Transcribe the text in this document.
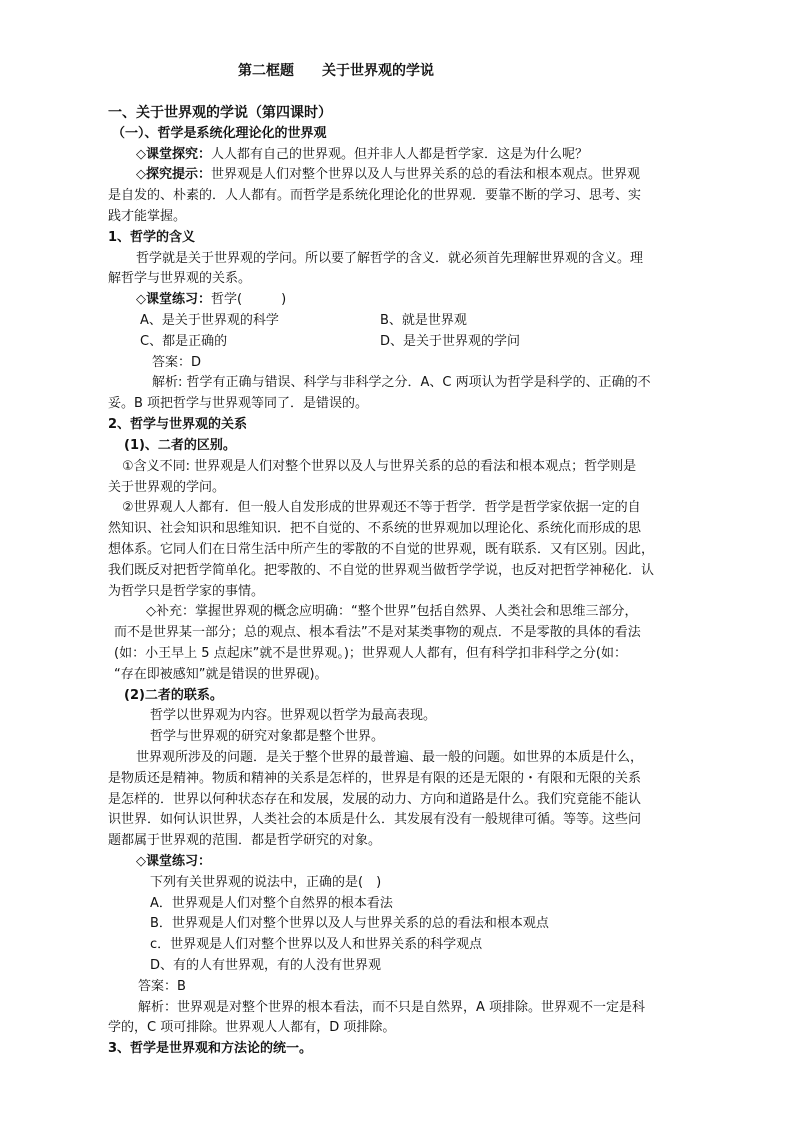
第二框题　　关于世界观的学说
一、关于世界观的学说（第四课时）
（一）、哲学是系统化理论化的世界观
◇课堂探究：人人都有自己的世界观。但并非人人都是哲学家．这是为什么呢？
◇探究提示：世界观是人们对整个世界以及人与世界关系的总的看法和根本观点。世界观
是自发的、朴素的．人人都有。而哲学是系统化理论化的世界观．要靠不断的学习、思考、实
践才能掌握。
1、哲学的含义
哲学就是关于世界观的学问。所以要了解哲学的含义．就必须首先理解世界观的含义。理
解哲学与世界观的关系。
◇课堂练习：哲学(　　　)
A、是关于世界观的科学	B、就是世界观
C、都是正确的	D、是关于世界观的学问
答案：D
解析: 哲学有正确与错误、科学与非科学之分．A、C 两项认为哲学是科学的、正确的不
妥。B 项把哲学与世界观等同了．是错误的。
2、哲学与世界观的关系
(1)、二者的区别。
①含义不同: 世界观是人们对整个世界以及人与世界关系的总的看法和根本观点；哲学则是
关于世界观的学问。
②世界观人人都有．但一般人自发形成的世界观还不等于哲学．哲学是哲学家依据一定的自
然知识、社会知识和思维知识．把不自觉的、不系统的世界观加以理论化、系统化而形成的思
想体系。它同人们在日常生活中所产生的零散的不自觉的世界观，既有联系．又有区别。因此，
我们既反对把哲学简单化。把零散的、不自觉的世界观当做哲学学说，也反对把哲学神秘化．认
为哲学只是哲学家的事情。
◇补充：掌握世界观的概念应明确：“整个世界”包括自然界、人类社会和思维三部分，
而不是世界某一部分；总的观点、根本看法”不是对某类事物的观点．不是零散的具体的看法
(如：小王早上 5 点起床”就不是世界观。)；世界观人人都有，但有科学扣非科学之分(如：
“存在即被感知”就是错误的世界砚)。
(2)二者的联系。
哲学以世界观为内容。世界观以哲学为最高表现。
哲学与世界观的研究对象都是整个世界。
世界观所涉及的问题．是关于整个世界的最普遍、最一般的问题。如世界的本质是什么，
是物质还是精神。物质和精神的关系是怎样的，世界是有限的还是无限的・有限和无限的关系
是怎样的．世界以何种状态存在和发展，发展的动力、方向和道路是什么。我们究竟能不能认
识世界．如何认识世界，人类社会的本质是什么．其发展有没有一般规律可循。等等。这些问
题都属于世界观的范围．都是哲学研究的对象。
◇课堂练习：
下列有关世界观的说法中，正确的是(　)
A．世界观是人们对整个自然界的根本看法
B．世界观是人们对整个世界以及人与世界关系的总的看法和根本观点
c．世界观是人们对整个世界以及人和世界关系的科学观点
D、有的人有世界观，有的人没有世界观
答案：B
解析：世界观是对整个世界的根本看法，而不只是自然界，A 项排除。世界观不一定是科
学的，C 项可排除。世界观人人都有，D 项排除。
3、哲学是世界观和方法论的统一。
